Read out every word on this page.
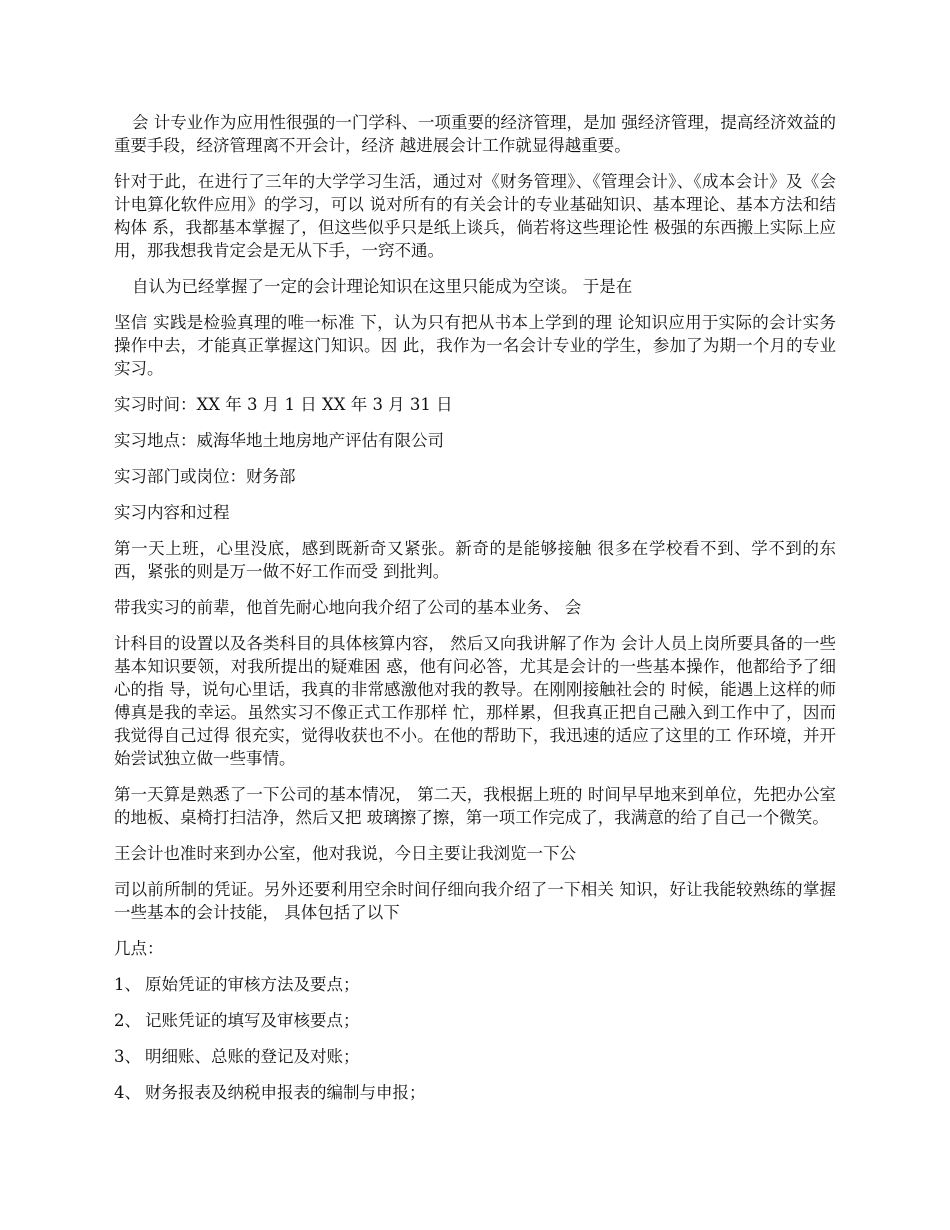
会 计专业作为应用性很强的一门学科、一项重要的经济管理，是加 强经济管理，提高经济效益的重要手段，经济管理离不开会计，经济 越进展会计工作就显得越重要。

针对于此，在进行了三年的大学学习生活，通过对《财务管理》、《管理会计》、《成本会计》及《会计电算化软件应用》的学习，可以 说对所有的有关会计的专业基础知识、基本理论、基本方法和结构体 系，我都基本掌握了，但这些似乎只是纸上谈兵，倘若将这些理论性 极强的东西搬上实际上应用，那我想我肯定会是无从下手，一窍不通。

自认为已经掌握了一定的会计理论知识在这里只能成为空谈。 于是在

坚信 实践是检验真理的唯一标准 下，认为只有把从书本上学到的理 论知识应用于实际的会计实务操作中去，才能真正掌握这门知识。因 此，我作为一名会计专业的学生，参加了为期一个月的专业实习。

实习时间：XX 年 3 月 1 日 XX 年 3 月 31 日

实习地点：威海华地土地房地产评估有限公司

实习部门或岗位：财务部

实习内容和过程

第一天上班，心里没底，感到既新奇又紧张。新奇的是能够接触 很多在学校看不到、学不到的东西，紧张的则是万一做不好工作而受 到批判。

带我实习的前辈，他首先耐心地向我介绍了公司的基本业务、 会

计科目的设置以及各类科目的具体核算内容， 然后又向我讲解了作为 会计人员上岗所要具备的一些基本知识要领，对我所提出的疑难困 惑，他有问必答，尤其是会计的一些基本操作，他都给予了细心的指 导，说句心里话，我真的非常感激他对我的教导。在刚刚接触社会的 时候，能遇上这样的师傅真是我的幸运。虽然实习不像正式工作那样 忙，那样累，但我真正把自己融入到工作中了，因而我觉得自己过得 很充实，觉得收获也不小。在他的帮助下，我迅速的适应了这里的工 作环境，并开始尝试独立做一些事情。

第一天算是熟悉了一下公司的基本情况， 第二天，我根据上班的 时间早早地来到单位，先把办公室的地板、桌椅打扫洁净，然后又把 玻璃擦了擦，第一项工作完成了，我满意的给了自己一个微笑。

王会计也准时来到办公室，他对我说，今日主要让我浏览一下公

司以前所制的凭证。另外还要利用空余时间仔细向我介绍了一下相关 知识，好让我能较熟练的掌握一些基本的会计技能， 具体包括了以下

几点：

1、 原始凭证的审核方法及要点；
2、 记账凭证的填写及审核要点；
3、 明细账、总账的登记及对账；
4、 财务报表及纳税申报表的编制与申报；
